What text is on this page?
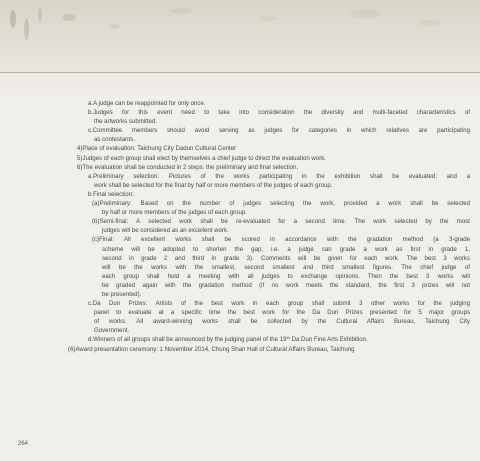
a.A judge can be reappointed for only once.
b.Judges for this event need to take into consideration the diversity and multi-faceted characteristics of
the artworks submitted.
c.Committee members should avoid serving as judges for categories in which relatives are participating
as contestants.
4)Place of evaluation: Taichung City Dadun Cultural Center
5)Judges of each group shall elect by themselves a chief judge to direct the evaluation work.
6)The evaluation shall be conducted in 2 steps: the preliminary and final selection.
a.Preliminary selection: Pictures of the works participating in the exhibition shall be evaluated; and a
work shall be selected for the final by half or more members of the judges of each group.
b.Final selection:
(a)Preliminary: Based on the number of judges selecting the work, provided a work shall be selected
by half or more members of the judges of each group.
(b)Semi-final: A selected work shall be re-evaluated for a second time. The work selected by the most
judges will be considered as an excellent work.
(c)Final: All excellent works shall be scored in accordance with the gradation method (a 3-grade
scheme will be adopted to shorten the gap; i.e. a judge can grade a work as first in grade 1,
second in grade 2 and third in grade 3). Comments will be given for each work. The best 3 works
will be the works with the smallest, second smallest and third smallest figures. The chief judge of
each group shall hold a meeting with all judges to exchange opinions. Then the best 3 works will
be graded again with the gradation method (if no work meets the standard, the first 3 prizes will not
be presented).
c.Da Dun Prizes: Artists of the best work in each group shall submit 3 other works for the judging
panel to evaluate at a specific time the best work for the Da Dun Prizes presented for 5 major groups
of works. All award-winning works shall be collected by the Cultural Affairs Bureau, Taichung City
Government.
d.Winners of all groups shall be announced by the judging panel of the 19th Da Dun Fine Arts Exhibition.
(6)Award presentation ceremony: 1 November 2014, Chung Shan Hall of Cultural Affairs Bureau, Taichung
264
